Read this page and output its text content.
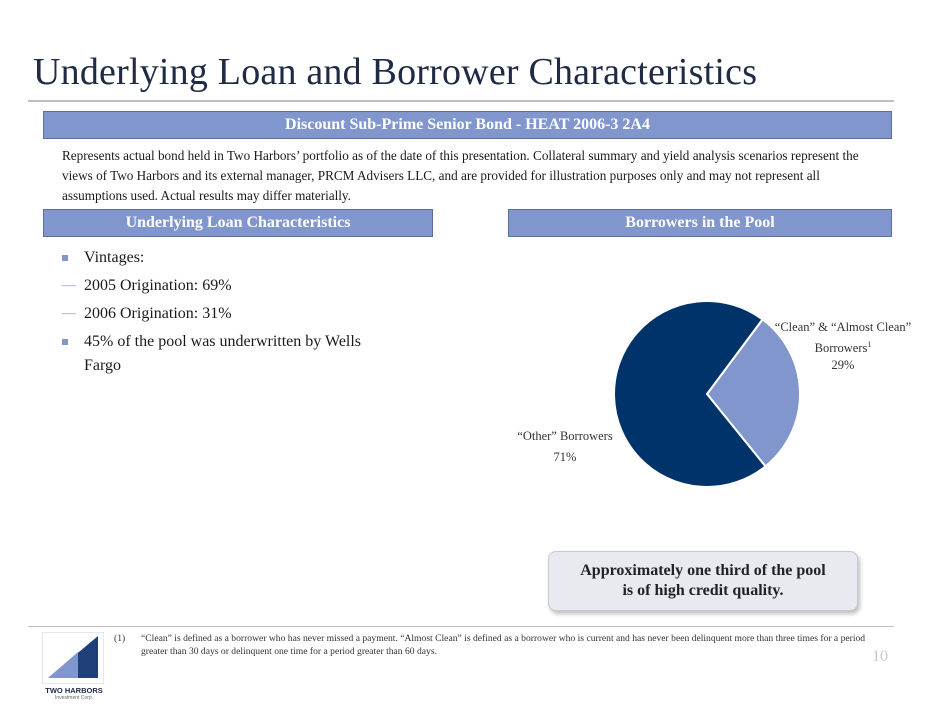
Underlying Loan and Borrower Characteristics
Discount Sub-Prime Senior Bond - HEAT 2006-3 2A4

Represents actual bond held in Two Harbors’ portfolio as of the date of this presentation. Collateral summary and yield analysis scenarios represent the views of Two Harbors and its external manager, PRCM Advisers LLC, and are provided for illustration purposes only and may not represent all assumptions used. Actual results may differ materially.

Underlying Loan Characteristics	Borrowers in the Pool
Vintages:
— 2005 Origination: 69%
— 2006 Origination: 31%
45% of the pool was underwritten by Wells Fargo
“Clean” & “Almost Clean” Borrowers$^1$
29%
“Other” Borrowers
71%
Approximately one third of the pool
is of high credit quality.
TWO HARBORS
Investment Corp.
(1) “Clean” is defined as a borrower who has never missed a payment. “Almost Clean” is defined as a borrower who is current and has never been delinquent more than three times for a period greater than 30 days or delinquent one time for a period greater than 60 days.	10
